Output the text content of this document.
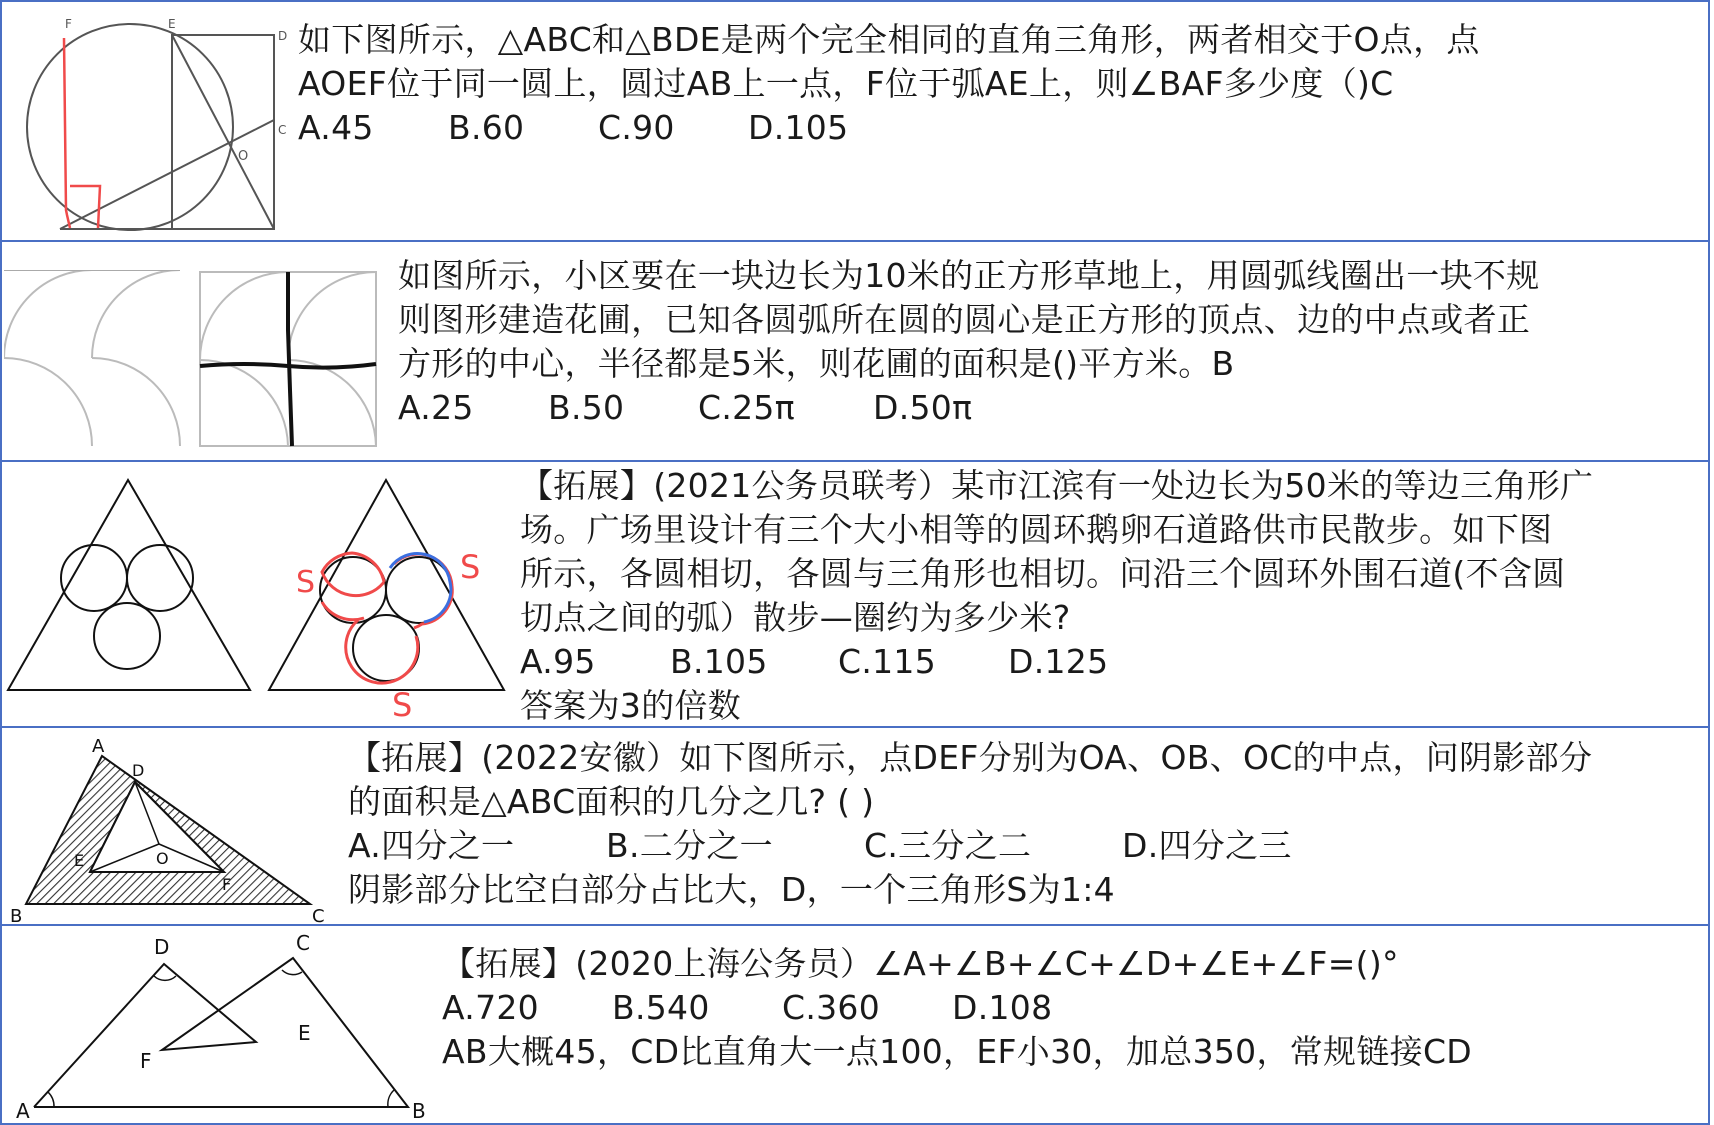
F	E
D
C
O
如下图所示，△ABC和△BDE是两个完全相同的直角三角形，两者相交于O点，点
AOEF位于同一圆上，圆过AB上一点，F位于弧AE上，则∠BAF多少度（)C
A.45 B.60 C.90 D.105
如图所示，小区要在一块边长为10米的正方形草地上，用圆弧线圈出一块不规
则图形建造花圃，已知各圆弧所在圆的圆心是正方形的顶点、边的中点或者正
方形的中心，半径都是5米，则花圃的面积是()平方米。B
A.25 B.50 C.25π D.50π
S	S
S
【拓展】(2021公务员联考）某市江滨有一处边长为50米的等边三角形广
场。广场里设计有三个大小相等的圆环鹅卵石道路供市民散步。如下图
所示，各圆相切，各圆与三角形也相切。问沿三个圆环外围石道(不含圆
切点之间的弧）散步—圈约为多少米?
A.95 B.105 C.115 D.125
答案为3的倍数
A
B	C
D
E
F
O
【拓展】(2022安徽）如下图所示，点DEF分别为OA、OB、OC的中点，问阴影部分
的面积是△ABC面积的几分之几? ( )
A.四分之一	B.二分之一	C.三分之二	D.四分之三
阴影部分比空白部分占比大，D，一个三角形S为1:4
A	B
C
D
E
F
【拓展】(2020上海公务员）∠A+∠B+∠C+∠D+∠E+∠F=()°
A.720 B.540 C.360 D.108
AB大概45，CD比直角大一点100，EF小30，加总350，常规链接CD
